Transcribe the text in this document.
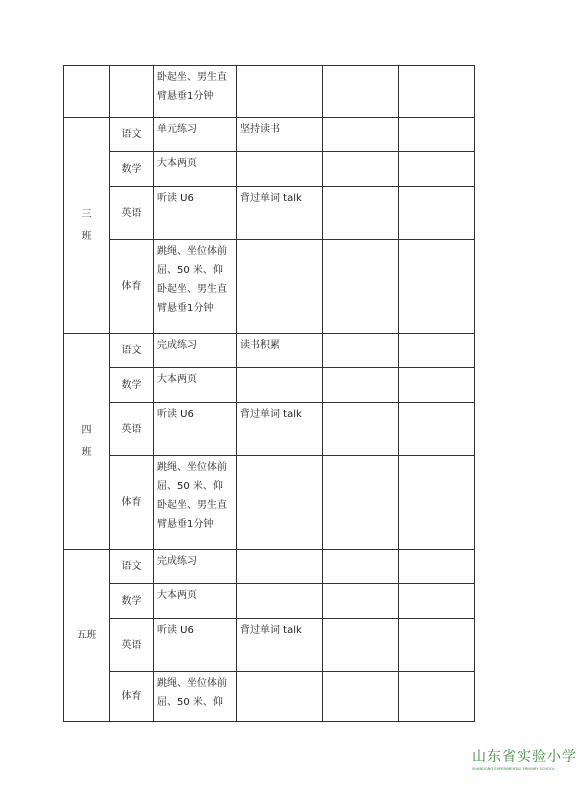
		卧起坐、男生直
臂悬垂1分钟			

三
班	语文	单元练习	坚持读书		
	数学	大本两页			
	英语	听读 U6	背过单词 talk		
	体育	跳绳、坐位体前
屈、50 米、仰
卧起坐、男生直
臂悬垂1分钟			

四
班	语文	完成练习	读书积累		
	数学	大本两页			
	英语	听读 U6	背过单词 talk		
	体育	跳绳、坐位体前
屈、50 米、仰
卧起坐、男生直
臂悬垂1分钟			

五班	语文	完成练习			
	数学	大本两页			
	英语	听读 U6	背过单词 talk		
	体育	跳绳、坐位体前
屈、50 米、仰			
山东省实验小学
SHANDONG EXPERIMENTAL PRIMARY SCHOOL
